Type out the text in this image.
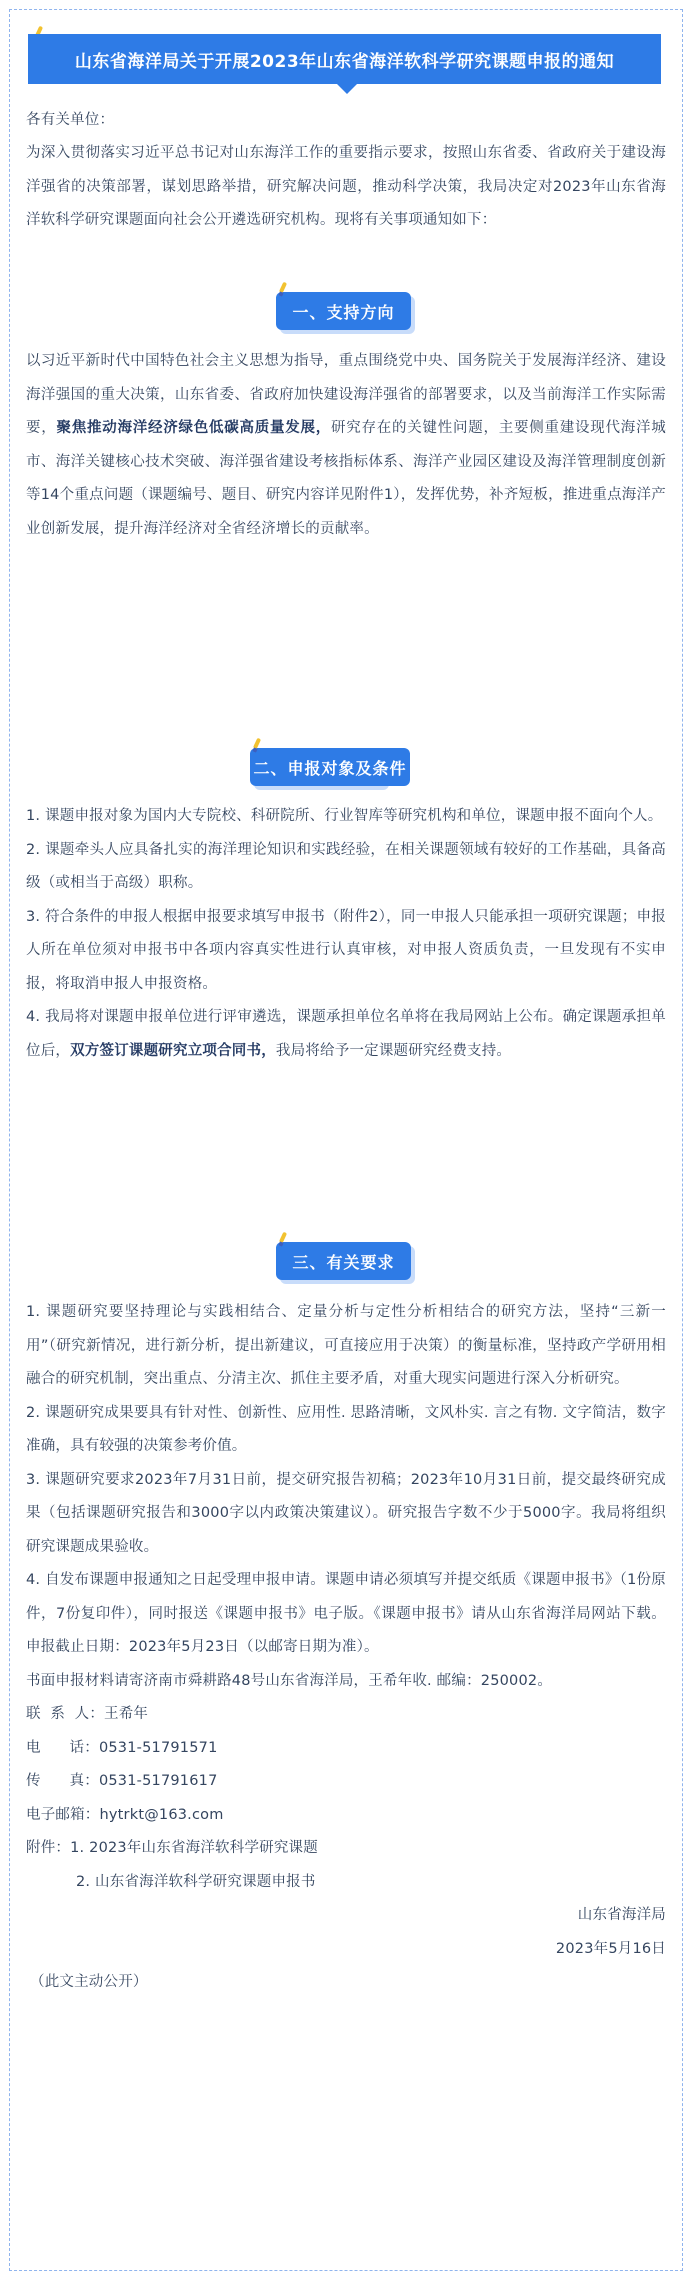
山东省海洋局关于开展2023年山东省海洋软科学研究课题申报的通知
各有关单位：
为深入贯彻落实习近平总书记对山东海洋工作的重要指示要求，按照山东省委、省政府关于建设海洋强省的决策部署，谋划思路举措，研究解决问题，推动科学决策，我局决定对2023年山东省海洋软科学研究课题面向社会公开遴选研究机构。现将有关事项通知如下：
一、支持方向

以习近平新时代中国特色社会主义思想为指导，重点围绕党中央、国务院关于发展海洋经济、建设海洋强国的重大决策，山东省委、省政府加快建设海洋强省的部署要求，以及当前海洋工作实际需要，聚焦推动海洋经济绿色低碳高质量发展，研究存在的关键性问题，主要侧重建设现代海洋城市、海洋关键核心技术突破、海洋强省建设考核指标体系、海洋产业园区建设及海洋管理制度创新等14个重点问题（课题编号、题目、研究内容详见附件1），发挥优势，补齐短板，推进重点海洋产业创新发展，提升海洋经济对全省经济增长的贡献率。

二、申报对象及条件

1. 课题申报对象为国内大专院校、科研院所、行业智库等研究机构和单位，课题申报不面向个人。

2. 课题牵头人应具备扎实的海洋理论知识和实践经验，在相关课题领域有较好的工作基础，具备高级（或相当于高级）职称。

3. 符合条件的申报人根据申报要求填写申报书（附件2），同一申报人只能承担一项研究课题；申报人所在单位须对申报书中各项内容真实性进行认真审核，对申报人资质负责，一旦发现有不实申报，将取消申报人申报资格。

4. 我局将对课题申报单位进行评审遴选，课题承担单位名单将在我局网站上公布。确定课题承担单位后，双方签订课题研究立项合同书，我局将给予一定课题研究经费支持。

三、有关要求

1. 课题研究要坚持理论与实践相结合、定量分析与定性分析相结合的研究方法，坚持“三新一用”（研究新情况，进行新分析，提出新建议，可直接应用于决策）的衡量标准，坚持政产学研用相融合的研究机制，突出重点、分清主次、抓住主要矛盾，对重大现实问题进行深入分析研究。

2. 课题研究成果要具有针对性、创新性、应用性. 思路清晰，文风朴实. 言之有物. 文字简洁，数字准确，具有较强的决策参考价值。

3. 课题研究要求2023年7月31日前，提交研究报告初稿；2023年10月31日前，提交最终研究成果（包括课题研究报告和3000字以内政策决策建议）。研究报告字数不少于5000字。我局将组织研究课题成果验收。

4. 自发布课题申报通知之日起受理申报申请。课题申请必须填写并提交纸质《课题申报书》（1份原件，7份复印件），同时报送《课题申报书》电子版。《课题申报书》请从山东省海洋局网站下载。申报截止日期：2023年5月23日（以邮寄日期为准）。

书面申报材料请寄济南市舜耕路48号山东省海洋局，王希年收. 邮编：250002。

联  系  人：王希年

电      话：0531-51791571

传      真：0531-51791617

电子邮箱：hytrkt@163.com

附件：1. 2023年山东省海洋软科学研究课题

2. 山东省海洋软科学研究课题申报书

山东省海洋局

2023年5月16日

（此文主动公开）
